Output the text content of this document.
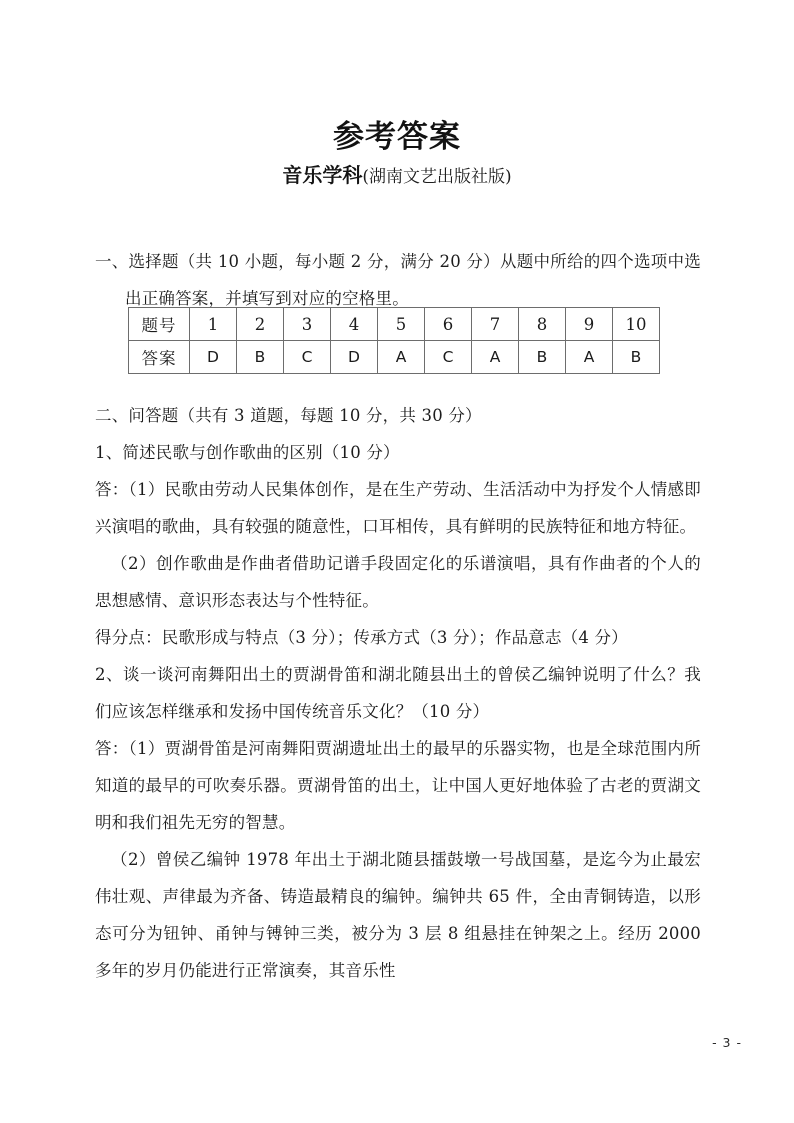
参考答案
音乐学科(湖南文艺出版社版)

一、选择题（共 10 小题，每小题 2 分，满分 20 分）从题中所给的四个选项中选出正确答案，并填写到对应的空格里。

二、问答题（共有 3 道题，每题 10 分，共 30 分）

1、简述民歌与创作歌曲的区别（10 分）

答：（1）民歌由劳动人民集体创作，是在生产劳动、生活活动中为抒发个人情感即兴演唱的歌曲，具有较强的随意性，口耳相传，具有鲜明的民族特征和地方特征。

（2）创作歌曲是作曲者借助记谱手段固定化的乐谱演唱，具有作曲者的个人的思想感情、意识形态表达与个性特征。

得分点：民歌形成与特点（3 分）；传承方式（3 分）；作品意志（4 分）

2、谈一谈河南舞阳出土的贾湖骨笛和湖北随县出土的曾侯乙编钟说明了什么？我们应该怎样继承和发扬中国传统音乐文化？（10 分）

答：（1）贾湖骨笛是河南舞阳贾湖遗址出土的最早的乐器实物，也是全球范围内所知道的最早的可吹奏乐器。贾湖骨笛的出土，让中国人更好地体验了古老的贾湖文明和我们祖先无穷的智慧。

（2）曾侯乙编钟 1978 年出土于湖北随县擂鼓墩一号战国墓，是迄今为止最宏伟壮观、声律最为齐备、铸造最精良的编钟。编钟共 65 件，全由青铜铸造，以形态可分为钮钟、甬钟与镈钟三类，被分为 3 层 8 组悬挂在钟架之上。经历 2000 多年的岁月仍能进行正常演奏，其音乐性

题号	1	2	3	4	5	6	7	8	9	10
答案	D	B	C	D	A	C	A	B	A	B
- 3 -
